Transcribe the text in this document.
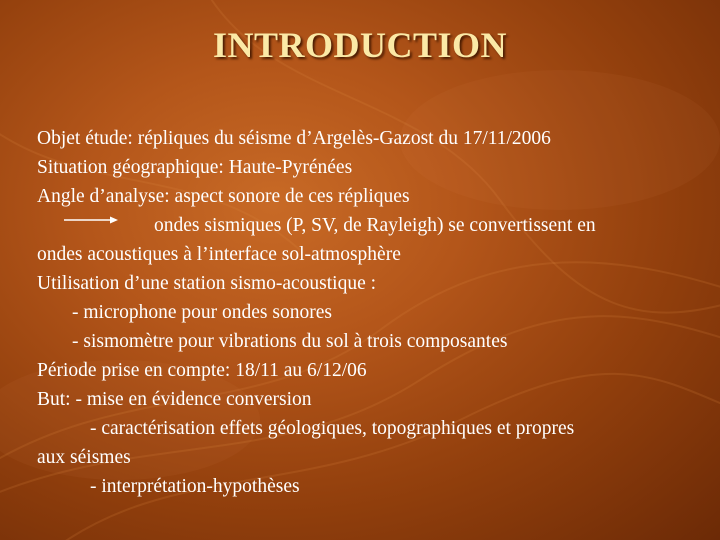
INTRODUCTION
Objet étude: répliques du séisme d’Argelès-Gazost du 17/11/2006
Situation géographique: Haute-Pyrénées
Angle d’analyse: aspect sonore de ces répliques
ondes sismiques (P, SV, de Rayleigh) se convertissent en
ondes acoustiques à l’interface sol-atmosphère
Utilisation d’une station sismo-acoustique :
- microphone pour ondes sonores
- sismomètre pour vibrations du sol à trois composantes
Période prise en compte: 18/11 au 6/12/06
But: - mise en évidence conversion
- caractérisation effets géologiques, topographiques et propres
aux séismes
- interprétation-hypothèses
